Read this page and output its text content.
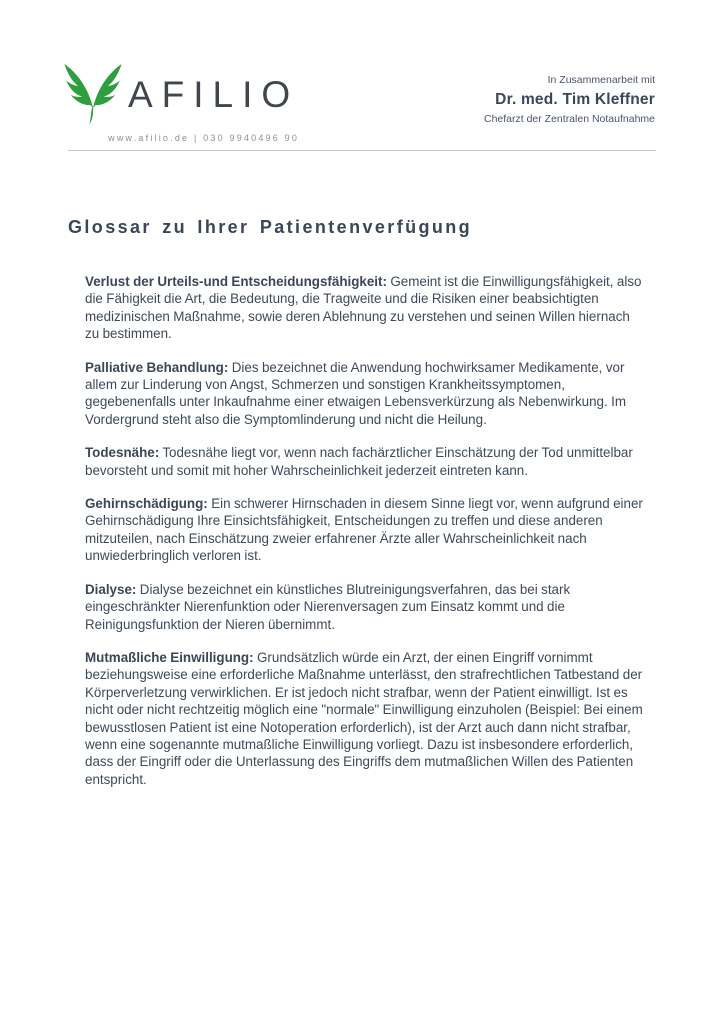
AFILIO
www.afilio.de | 030 9940496 90
In Zusammenarbeit mit
Dr. med. Tim Kleffner
Chefarzt der Zentralen Notaufnahme
Glossar zu Ihrer Patientenverfügung

Verlust der Urteils-und Entscheidungsfähigkeit: Gemeint ist die Einwilligungsfähigkeit, also die Fähigkeit die Art, die Bedeutung, die Tragweite und die Risiken einer beabsichtigten medizinischen Maßnahme, sowie deren Ablehnung zu verstehen und seinen Willen hiernach zu bestimmen.

Palliative Behandlung: Dies bezeichnet die Anwendung hochwirksamer Medikamente, vor allem zur Linderung von Angst, Schmerzen und sonstigen Krankheitssymptomen, gegebenenfalls unter Inkaufnahme einer etwaigen Lebensverkürzung als Nebenwirkung. Im Vordergrund steht also die Symptomlinderung und nicht die Heilung.

Todesnähe: Todesnähe liegt vor, wenn nach fachärztlicher Einschätzung der Tod unmittelbar bevorsteht und somit mit hoher Wahrscheinlichkeit jederzeit eintreten kann.

Gehirnschädigung: Ein schwerer Hirnschaden in diesem Sinne liegt vor, wenn aufgrund einer Gehirnschädigung Ihre Einsichtsfähigkeit, Entscheidungen zu treffen und diese anderen mitzuteilen, nach Einschätzung zweier erfahrener Ärzte aller Wahrscheinlichkeit nach unwiederbringlich verloren ist.

Dialyse: Dialyse bezeichnet ein künstliches Blutreinigungsverfahren, das bei stark eingeschränkter Nierenfunktion oder Nierenversagen zum Einsatz kommt und die Reinigungsfunktion der Nieren übernimmt.

Mutmaßliche Einwilligung: Grundsätzlich würde ein Arzt, der einen Eingriff vornimmt beziehungsweise eine erforderliche Maßnahme unterlässt, den strafrechtlichen Tatbestand der Körperverletzung verwirklichen. Er ist jedoch nicht strafbar, wenn der Patient einwilligt. Ist es nicht oder nicht rechtzeitig möglich eine "normale" Einwilligung einzuholen (Beispiel: Bei einem bewusstlosen Patient ist eine Notoperation erforderlich), ist der Arzt auch dann nicht strafbar, wenn eine sogenannte mutmaßliche Einwilligung vorliegt. Dazu ist insbesondere erforderlich, dass der Eingriff oder die Unterlassung des Eingriffs dem mutmaßlichen Willen des Patienten entspricht.
